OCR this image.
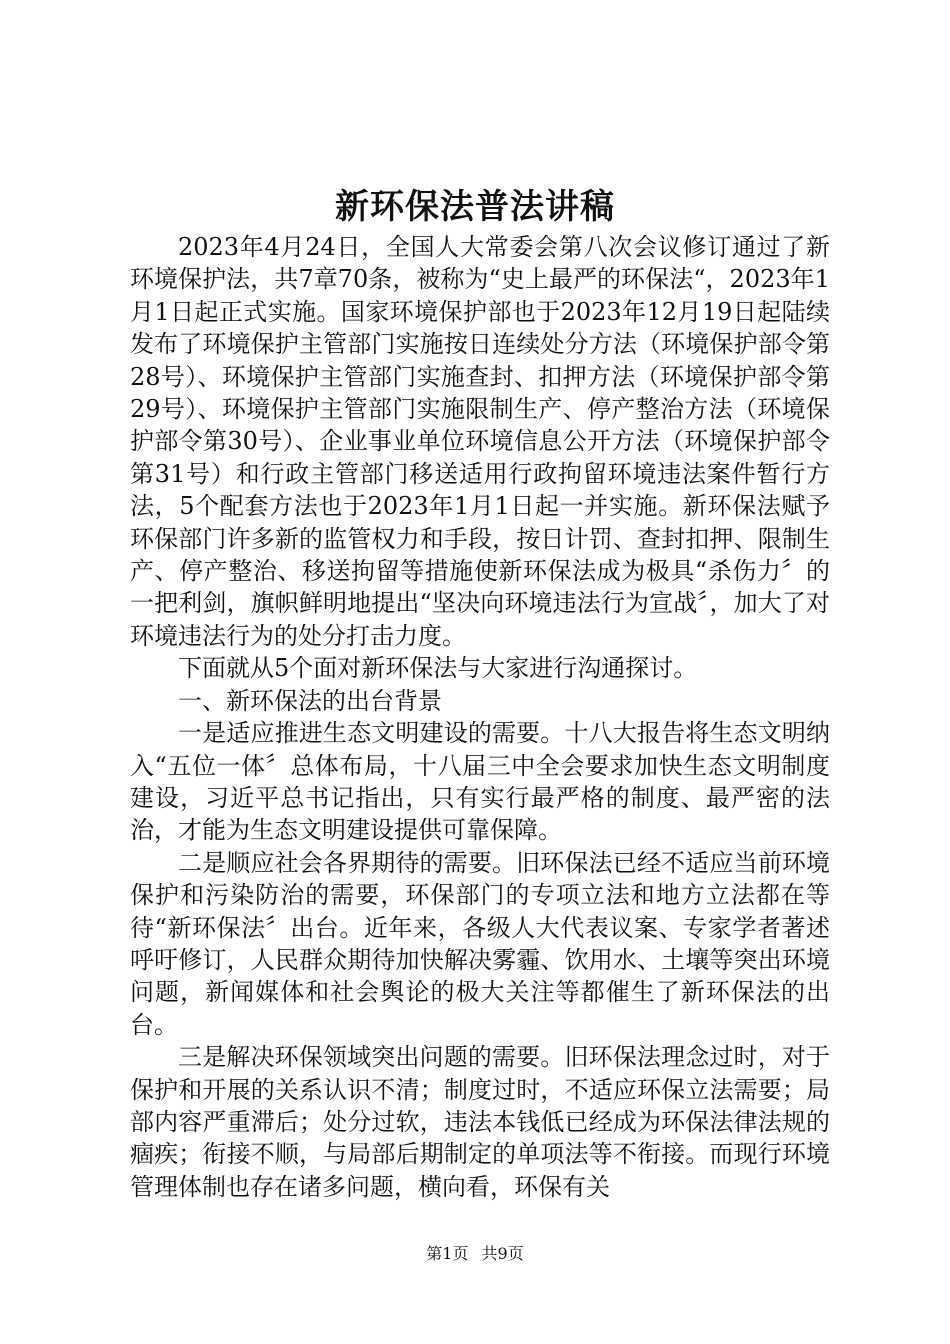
新环保法普法讲稿

2023年4月24日，全国人大常委会第八次会议修订通过了新环境保护法，共7章70条，被称为“史上最严的环保法“，2023年1月1日起正式实施。国家环境保护部也于2023年12月19日起陆续发布了环境保护主管部门实施按日连续处分方法（环境保护部令第28号）、环境保护主管部门实施查封、扣押方法（环境保护部令第29号）、环境保护主管部门实施限制生产、停产整治方法（环境保护部令第30号）、企业事业单位环境信息公开方法（环境保护部令第31号）和行政主管部门移送适用行政拘留环境违法案件暂行方法，5个配套方法也于2023年1月1日起一并实施。新环保法赋予环保部门许多新的监管权力和手段，按日计罚、查封扣押、限制生产、停产整治、移送拘留等措施使新环保法成为极具“杀伤力〞的一把利剑，旗帜鲜明地提出“坚决向环境违法行为宣战〞，加大了对环境违法行为的处分打击力度。

下面就从5个面对新环保法与大家进行沟通探讨。

一、新环保法的出台背景

一是适应推进生态文明建设的需要。十八大报告将生态文明纳入“五位一体〞总体布局，十八届三中全会要求加快生态文明制度建设，习近平总书记指出，只有实行最严格的制度、最严密的法治，才能为生态文明建设提供可靠保障。

二是顺应社会各界期待的需要。旧环保法已经不适应当前环境保护和污染防治的需要，环保部门的专项立法和地方立法都在等待“新环保法〞出台。近年来，各级人大代表议案、专家学者著述呼吁修订，人民群众期待加快解决雾霾、饮用水、土壤等突出环境问题，新闻媒体和社会舆论的极大关注等都催生了新环保法的出台。

三是解决环保领域突出问题的需要。旧环保法理念过时，对于保护和开展的关系认识不清；制度过时，不适应环保立法需要；局部内容严重滞后；处分过软，违法本钱低已经成为环保法律法规的痼疾；衔接不顺，与局部后期制定的单项法等不衔接。而现行环境管理体制也存在诸多问题，横向看，环保有关

第1页 共9页
